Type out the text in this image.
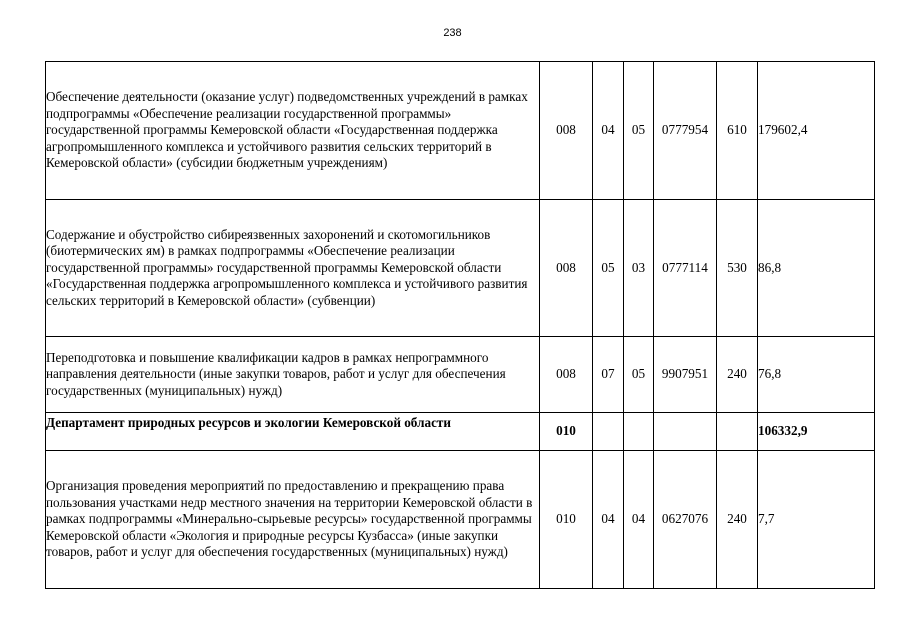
238
Обеспечение деятельности (оказание услуг) подведомственных учреждений в рамках подпрограммы «Обеспечение реализации государственной программы» государственной программы Кемеровской области «Государственная поддержка агропромышленного комплекса и устойчивого развития сельских территорий в Кемеровской области» (субсидии бюджетным учреждениям)	008	04	05	0777954	610	179602,4
Содержание и обустройство сибиреязвенных захоронений и скотомогильников (биотермических ям) в рамках подпрограммы «Обеспечение реализации государственной программы» государственной программы Кемеровской области «Государственная поддержка агропромышленного комплекса и устойчивого развития сельских территорий в Кемеровской области» (субвенции)	008	05	03	0777114	530	86,8
Переподготовка и повышение квалификации кадров в рамках непрограммного направления деятельности (иные закупки товаров, работ и услуг для обеспечения государственных (муниципальных) нужд)	008	07	05	9907951	240	76,8
Департамент природных ресурсов и экологии Кемеровской области	010					106332,9
Организация проведения мероприятий по предоставлению и прекращению права пользования участками недр местного значения на территории Кемеровской области в рамках подпрограммы «Минерально-сырьевые ресурсы» государственной программы Кемеровской области «Экология и природные ресурсы Кузбасса» (иные закупки товаров, работ и услуг для обеспечения государственных (муниципальных) нужд)	010	04	04	0627076	240	7,7
